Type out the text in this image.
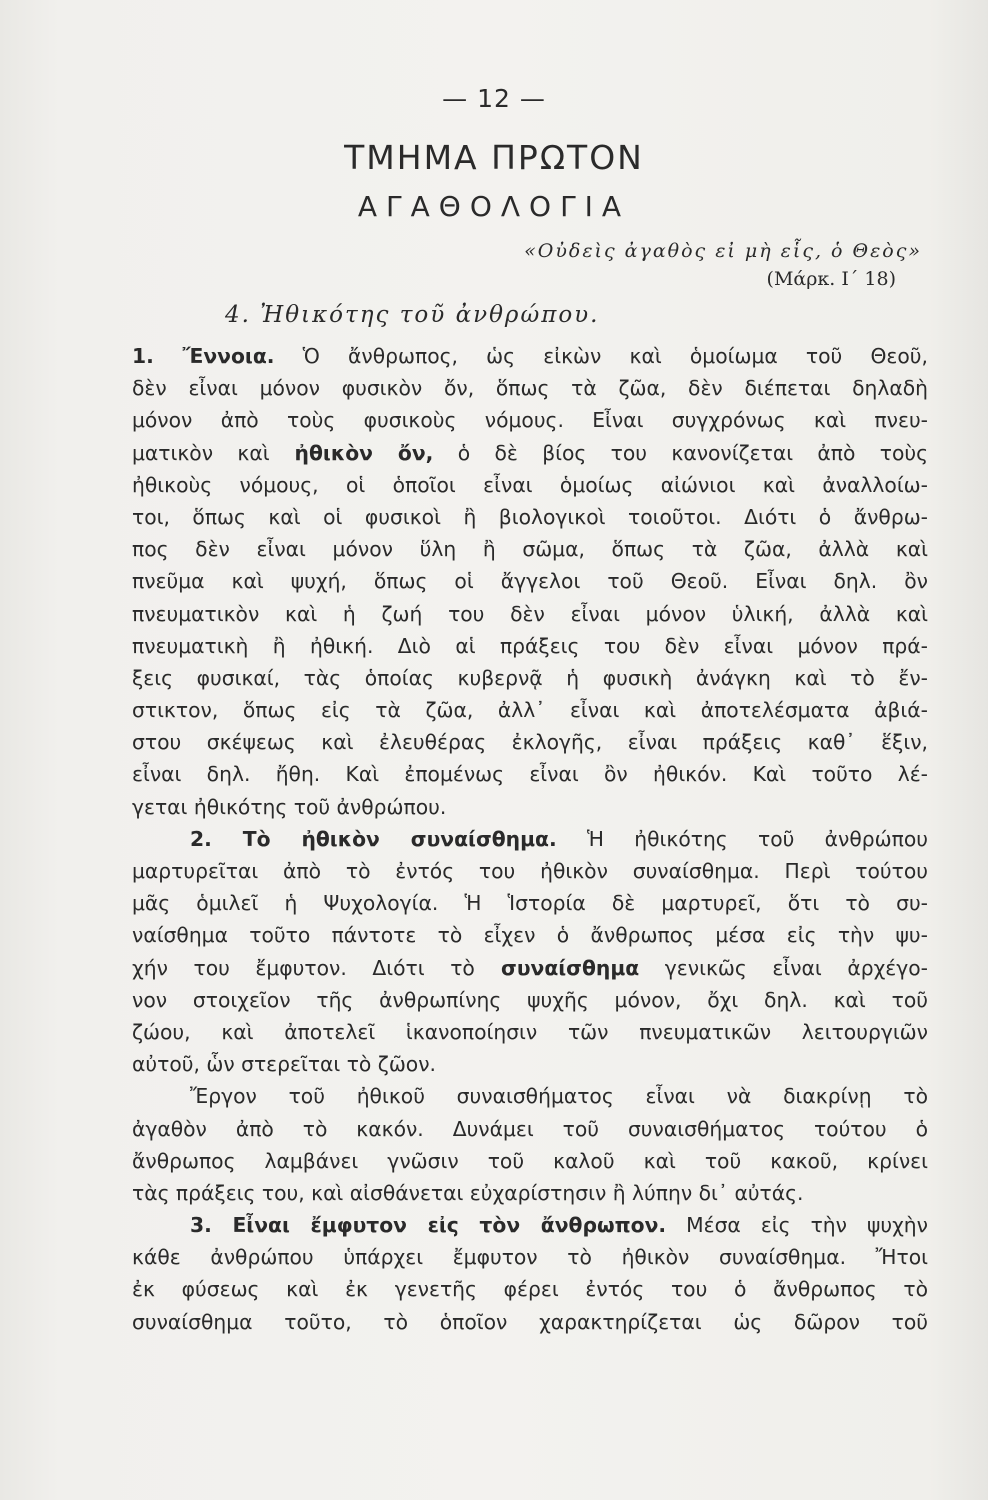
— 12 —
ΤΜΗΜΑ ΠΡΩΤΟΝ
ΑΓΑΘΟΛΟΓΙΑ
«Οὐδεὶς ἀγαθὸς εἰ μὴ εἷς, ὁ Θεὸς»
(Μάρκ. Ι΄ 18)
4. Ἠθικότης τοῦ ἀνθρώπου.
1. Ἔννοια. Ὁ ἄνθρωπος, ὡς εἰκὼν καὶ ὁμοίωμα τοῦ Θεοῦ,
δὲν εἶναι μόνον φυσικὸν ὄν, ὅπως τὰ ζῶα, δὲν διέπεται δηλαδὴ
μόνον ἀπὸ τοὺς φυσικοὺς νόμους. Εἶναι συγχρόνως καὶ πνευ-
ματικὸν καὶ ἠθικὸν ὄν, ὁ δὲ βίος του κανονίζεται ἀπὸ τοὺς
ἠθικοὺς νόμους, οἱ ὁποῖοι εἶναι ὁμοίως αἰώνιοι καὶ ἀναλλοίω-
τοι, ὅπως καὶ οἱ φυσικοὶ ἢ βιολογικοὶ τοιοῦτοι. Διότι ὁ ἄνθρω-
πος δὲν εἶναι μόνον ὕλη ἢ σῶμα, ὅπως τὰ ζῶα, ἀλλὰ καὶ
πνεῦμα καὶ ψυχή, ὅπως οἱ ἄγγελοι τοῦ Θεοῦ. Εἶναι δηλ. ὂν
πνευματικὸν καὶ ἡ ζωή του δὲν εἶναι μόνον ὑλική, ἀλλὰ καὶ
πνευματικὴ ἢ ἠθική. Διὸ αἱ πράξεις του δὲν εἶναι μόνον πρά-
ξεις φυσικαί, τὰς ὁποίας κυβερνᾷ ἡ φυσικὴ ἀνάγκη καὶ τὸ ἔν-
στικτον, ὅπως εἰς τὰ ζῶα, ἀλλ᾿ εἶναι καὶ ἀποτελέσματα ἀβιά-
στου σκέψεως καὶ ἐλευθέρας ἐκλογῆς, εἶναι πράξεις καθ᾿ ἕξιν,
εἶναι δηλ. ἤθη. Καὶ ἐπομένως εἶναι ὂν ἠθικόν. Καὶ τοῦτο λέ-
γεται ἠθικότης τοῦ ἀνθρώπου.
2. Τὸ ἠθικὸν συναίσθημα. Ἡ ἠθικότης τοῦ ἀνθρώπου
μαρτυρεῖται ἀπὸ τὸ ἐντός του ἠθικὸν συναίσθημα. Περὶ τούτου
μᾶς ὁμιλεῖ ἡ Ψυχολογία. Ἡ Ἱστορία δὲ μαρτυρεῖ, ὅτι τὸ συ-
ναίσθημα τοῦτο πάντοτε τὸ εἶχεν ὁ ἄνθρωπος μέσα εἰς τὴν ψυ-
χήν του ἔμφυτον. Διότι τὸ συναίσθημα γενικῶς εἶναι ἀρχέγο-
νον στοιχεῖον τῆς ἀνθρωπίνης ψυχῆς μόνον, ὄχι δηλ. καὶ τοῦ
ζώου, καὶ ἀποτελεῖ ἱκανοποίησιν τῶν πνευματικῶν λειτουργιῶν
αὐτοῦ, ὧν στερεῖται τὸ ζῶον.
Ἔργον τοῦ ἠθικοῦ συναισθήματος εἶναι νὰ διακρίνῃ τὸ
ἀγαθὸν ἀπὸ τὸ κακόν. Δυνάμει τοῦ συναισθήματος τούτου ὁ
ἄνθρωπος λαμβάνει γνῶσιν τοῦ καλοῦ καὶ τοῦ κακοῦ, κρίνει
τὰς πράξεις του, καὶ αἰσθάνεται εὐχαρίστησιν ἢ λύπην δι᾿ αὐτάς.
3. Εἶναι ἔμφυτον εἰς τὸν ἄνθρωπον. Μέσα εἰς τὴν ψυχὴν
κάθε ἀνθρώπου ὑπάρχει ἔμφυτον τὸ ἠθικὸν συναίσθημα. Ἤτοι
ἐκ φύσεως καὶ ἐκ γενετῆς φέρει ἐντός του ὁ ἄνθρωπος τὸ
συναίσθημα τοῦτο, τὸ ὁποῖον χαρακτηρίζεται ὡς δῶρον τοῦ
